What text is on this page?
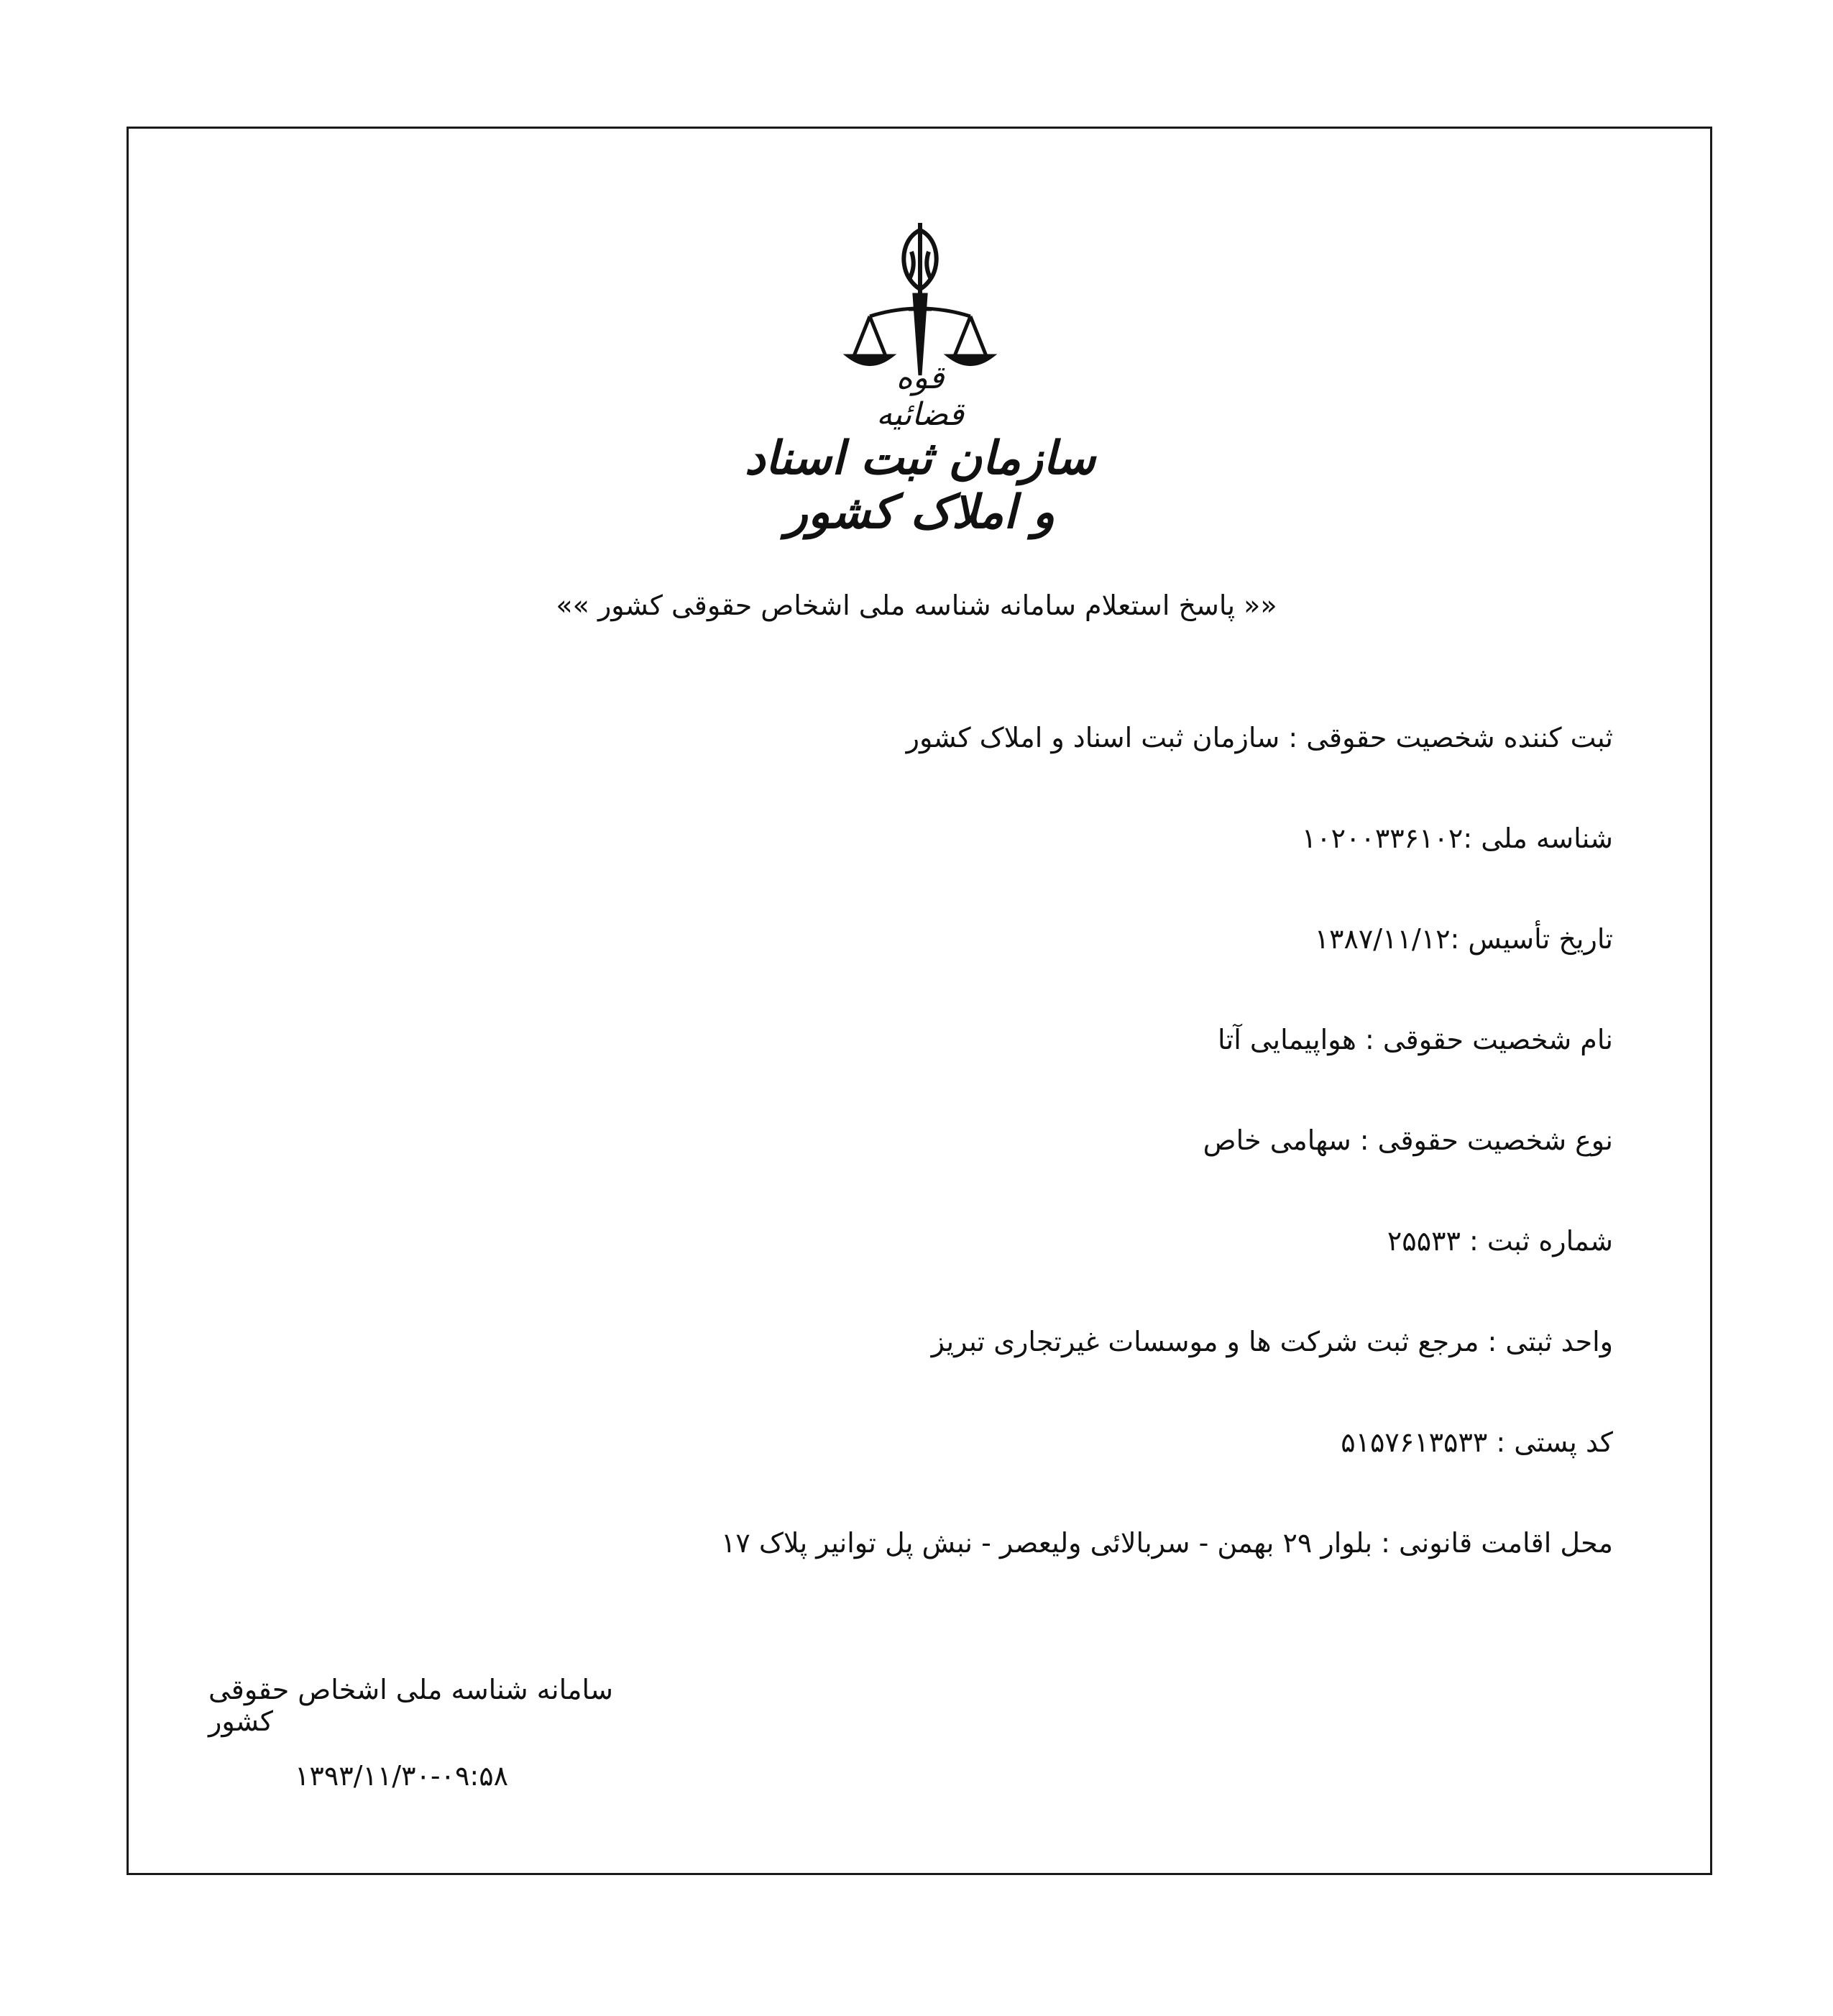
قوه قضائیه
سازمان ثبت اسناد و املاک کشور
«« پاسخ استعلام سامانه شناسه ملی اشخاص حقوقی کشور »»
ثبت کننده شخصیت حقوقی : سازمان ثبت اسناد و املاک کشور
شناسه ملی :۱۰۲۰۰۳۳۶۱۰۲
تاریخ تأسیس :۱۳۸۷/۱۱/۱۲
نام شخصیت حقوقی : هواپیمایی آتا
نوع شخصیت حقوقی : سهامی خاص
شماره ثبت : ۲۵۵۳۳
واحد ثبتی : مرجع ثبت شرکت ها و موسسات غیرتجاری تبریز
کد پستی : ۵۱۵۷۶۱۳۵۳۳
محل اقامت قانونی : بلوار ۲۹ بهمن - سربالائی ولیعصر - نبش پل توانیر پلاک ۱۷
سامانه شناسه ملی اشخاص حقوقی کشور
۱۳۹۳/۱۱/۳۰-۰۹:۵۸
